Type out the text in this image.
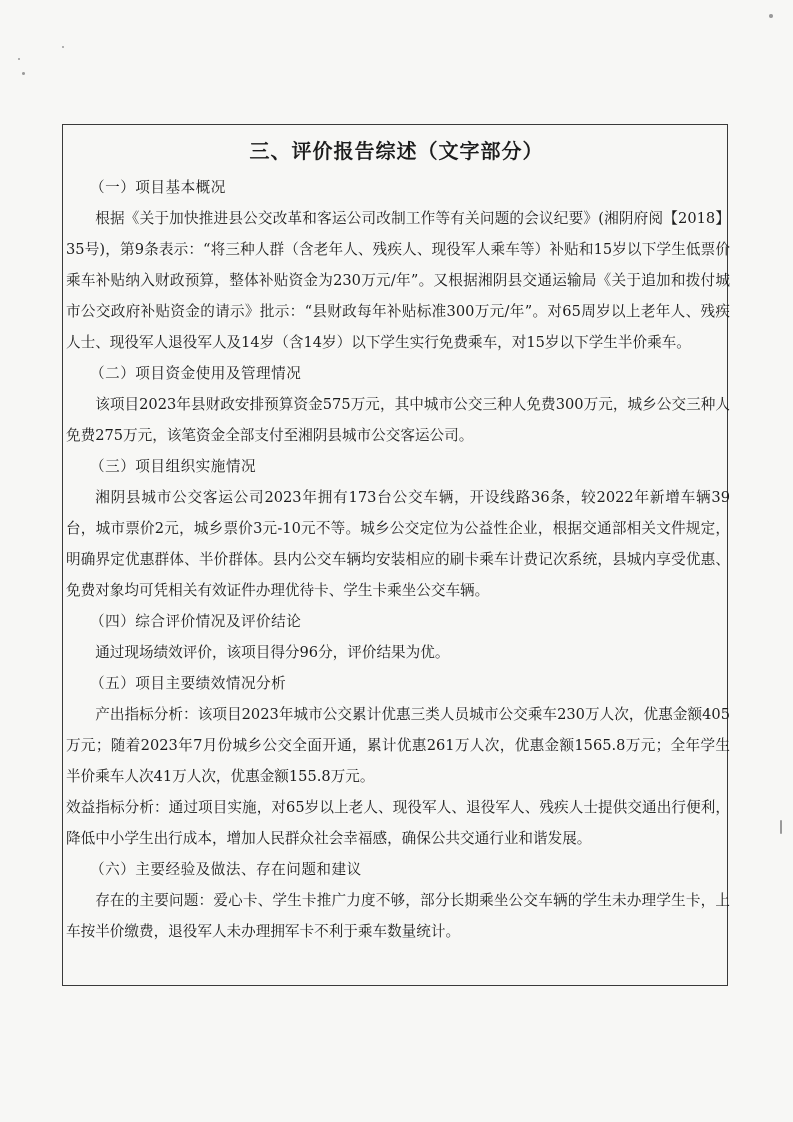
三、评价报告综述（文字部分）

（一）项目基本概况

根据《关于加快推进县公交改革和客运公司改制工作等有关问题的会议纪要》(湘阴府阅【2018】35号)，第9条表示：“将三种人群（含老年人、残疾人、现役军人乘车等）补贴和15岁以下学生低票价乘车补贴纳入财政预算，整体补贴资金为230万元/年”。又根据湘阴县交通运输局《关于追加和拨付城市公交政府补贴资金的请示》批示：“县财政每年补贴标准300万元/年”。对65周岁以上老年人、残疾人士、现役军人退役军人及14岁（含14岁）以下学生实行免费乘车，对15岁以下学生半价乘车。

（二）项目资金使用及管理情况

该项目2023年县财政安排预算资金575万元，其中城市公交三种人免费300万元，城乡公交三种人免费275万元，该笔资金全部支付至湘阴县城市公交客运公司。

（三）项目组织实施情况

湘阴县城市公交客运公司2023年拥有173台公交车辆，开设线路36条，较2022年新增车辆39台，城市票价2元，城乡票价3元-10元不等。城乡公交定位为公益性企业，根据交通部相关文件规定，明确界定优惠群体、半价群体。县内公交车辆均安装相应的刷卡乘车计费记次系统，县城内享受优惠、免费对象均可凭相关有效证件办理优待卡、学生卡乘坐公交车辆。

（四）综合评价情况及评价结论

通过现场绩效评价，该项目得分96分，评价结果为优。

（五）项目主要绩效情况分析

产出指标分析：该项目2023年城市公交累计优惠三类人员城市公交乘车230万人次，优惠金额405万元；随着2023年7月份城乡公交全面开通，累计优惠261万人次，优惠金额1565.8万元；全年学生半价乘车人次41万人次，优惠金额155.8万元。

效益指标分析：通过项目实施，对65岁以上老人、现役军人、退役军人、残疾人士提供交通出行便利，降低中小学生出行成本，增加人民群众社会幸福感，确保公共交通行业和谐发展。

（六）主要经验及做法、存在问题和建议

存在的主要问题：爱心卡、学生卡推广力度不够，部分长期乘坐公交车辆的学生未办理学生卡，上车按半价缴费，退役军人未办理拥军卡不利于乘车数量统计。
